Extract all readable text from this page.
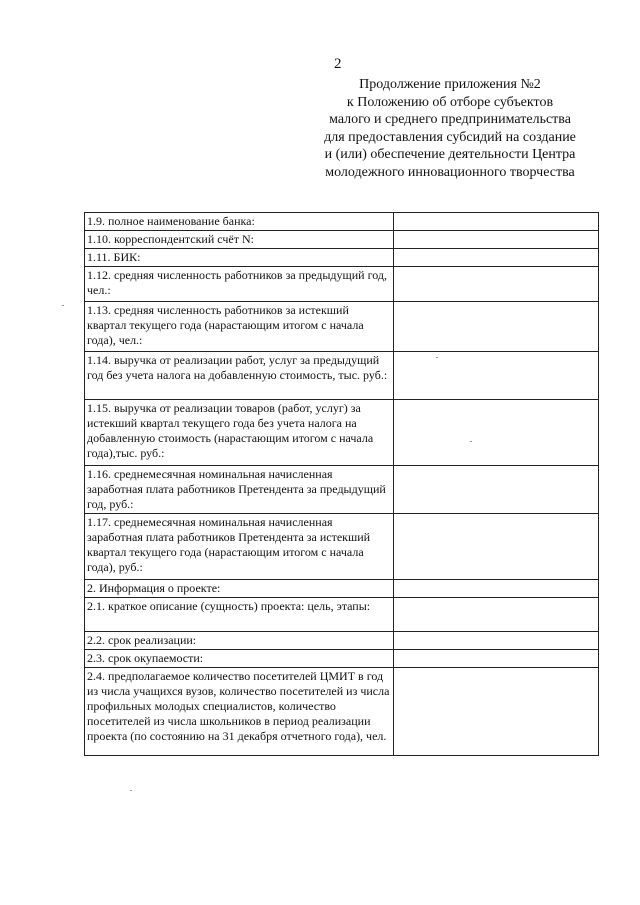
2
Продолжение приложения №2
к Положению об отборе субъектов
малого и среднего предпринимательства
для предоставления субсидий на создание
и (или) обеспечение деятельности Центра
молодежного инновационного творчества
1.9. полное наименование банка:	
1.10. корреспондентский счёт N:	
1.11. БИК:	
1.12. средняя численность работников за предыдущий год, чел.:	
1.13. средняя численность работников за истекший квартал текущего года (нарастающим итогом с начала года), чел.:	
1.14. выручка от реализации работ, услуг за предыдущий год без учета налога на добавленную стоимость, тыс. руб.:	
1.15. выручка от реализации товаров (работ, услуг) за истекший квартал текущего года без учета налога на добавленную стоимость (нарастающим итогом с начала года),тыс. руб.:	
1.16. среднемесячная номинальная начисленная заработная плата работников Претендента за предыдущий год, руб.:	
1.17. среднемесячная номинальная начисленная заработная плата работников Претендента за истекший квартал текущего года (нарастающим итогом с начала года), руб.:	
2. Информация о проекте:	
2.1. краткое описание (сущность) проекта: цель, этапы:	
2.2. срок реализации:	
2.3. срок окупаемости:	
2.4. предполагаемое количество посетителей ЦМИТ в год из числа учащихся вузов, количество посетителей из числа профильных молодых специалистов, количество посетителей из числа школьников в период реализации проекта (по состоянию на 31 декабря отчетного года), чел.	
